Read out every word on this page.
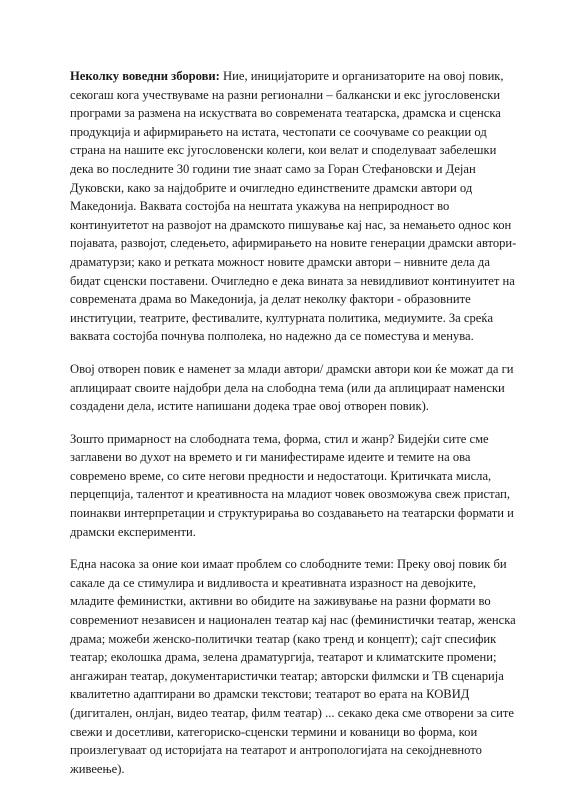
Неколку воведни зборови: Ние, иницијаторите и организаторите на овој повик, секогаш кога учествуваме на разни регионални – балкански и екс југословенски програми за размена на искуствата во современата театарска, драмска и сценска продукција и афирмирањето на истата, честопати се соочуваме со реакции од страна на нашите екс југословенски колеги, кои велат и споделуваат забелешки дека во последните 30 години тие знаат само за Горан Стефановски и Дејан Дуковски, како за најдобрите и очигледно единствените драмски автори од Македонија. Ваквата состојба на нештата укажува на неприродност во континуитетот на развојот на драмското пишување кај нас, за немањето однос кон појавата, развојот, следењето, афирмирањето на новите генерации драмски автори-драматурзи; како и ретката можност новите драмски автори – нивните дела да бидат сценски поставени. Очигледно е дека вината за невидливиот континуитет на современата драма во Македонија, ја делат неколку фактори - образовните институции, театрите, фестивалите, културната политика, медиумите. За среќа ваквата состојба почнува полполека, но надежно да се поместува и менува.

Овој отворен повик е наменет за млади автори/ драмски автори кои ќе можат да ги аплицираат своите најдобри дела на слободна тема (или да аплицираат наменски создадени дела, истите напишани додека трае овој отворен повик).

Зошто примарност на слободната тема, форма, стил и жанр? Бидејќи сите сме заглавени во духот на времето и ги манифестираме идеите и темите на ова современо време, со сите негови предности и недостатоци. Критичката мисла, перцепција, талентот и креативноста на младиот човек овозможува свеж пристап, поинакви интерпретации и структурирања во создавањето на театарски формати и драмски експерименти.

Една насока за оние кои имаат проблем со слободните теми: Преку овој повик би сакале да се стимулира и видливоста и креативната изразност на девојките, младите феминистки, активни во обидите на заживување на разни формати во современиот независен и национален театар кај нас (феминистички театар, женска драма; можеби женско-политички театар (како тренд и концепт); сајт спесифик театар; еколошка драма, зелена драматургија, театарот и климатските промени; ангажиран театар, документаристички театар; авторски филмски и ТВ сценарија квалитетно адаптирани во драмски текстови; театарот во ерата на КОВИД (дигитален, онлјан, видео театар, филм театар) ... секако дека сме отворени за сите свежи и досетливи, категориско-сценски термини и кованици во форма, кои произлегуваат од историјата на театарот и антропологијата на секојдневното живеење).
